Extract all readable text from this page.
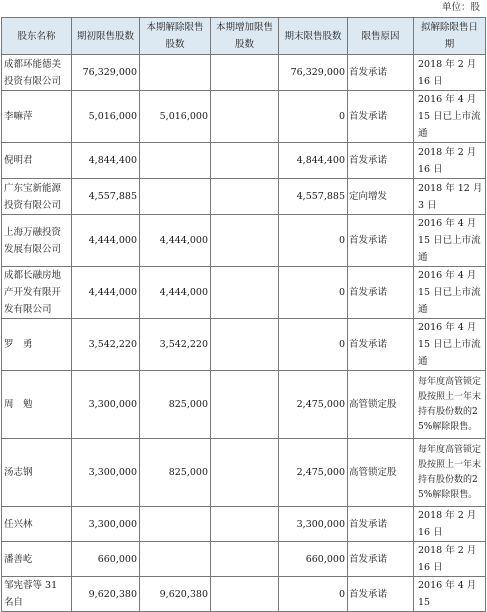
单位：股
股东名称	期初限售股数	本期解除限售股数	本期增加限售股数	期末限售股数	限售原因	拟解除限售日期
成都环能德美投资有限公司	76,329,000			76,329,000	首发承诺	2018 年 2 月 16 日
李嘛萍	5,016,000	5,016,000		0	首发承诺	2016 年 4 月 15 日已上市流通
倪明君	4,844,400			4,844,400	首发承诺	2018 年 2 月 16 日
广东宝新能源投资有限公司	4,557,885			4,557,885	定向增发	2018 年 12 月 3 日
上海万融投资发展有限公司	4,444,000	4,444,000		0	首发承诺	2016 年 4 月 15 日已上市流通
成都长融房地产开发有限开发有限公司	4,444,000	4,444,000		0	首发承诺	2016 年 4 月 15 日已上市流通
罗　勇	3,542,220	3,542,220		0	首发承诺	2016 年 4 月 15 日已上市流通
周　勉	3,300,000	825,000		2,475,000	高管锁定股	每年度高管锁定股按照上一年末持有股份数的25%解除限售。
汤志钢	3,300,000	825,000		2,475,000	高管锁定股	每年度高管锁定股按照上一年末持有股份数的25%解除限售。
任兴林	3,300,000			3,300,000	首发承诺	2018 年 2 月 16 日
潘善屹	660,000			660,000	首发承诺	2018 年 2 月 16 日
邹宪蓉等 31 名自	9,620,380	9,620,380		0	首发承诺	2016 年 4 月 15
